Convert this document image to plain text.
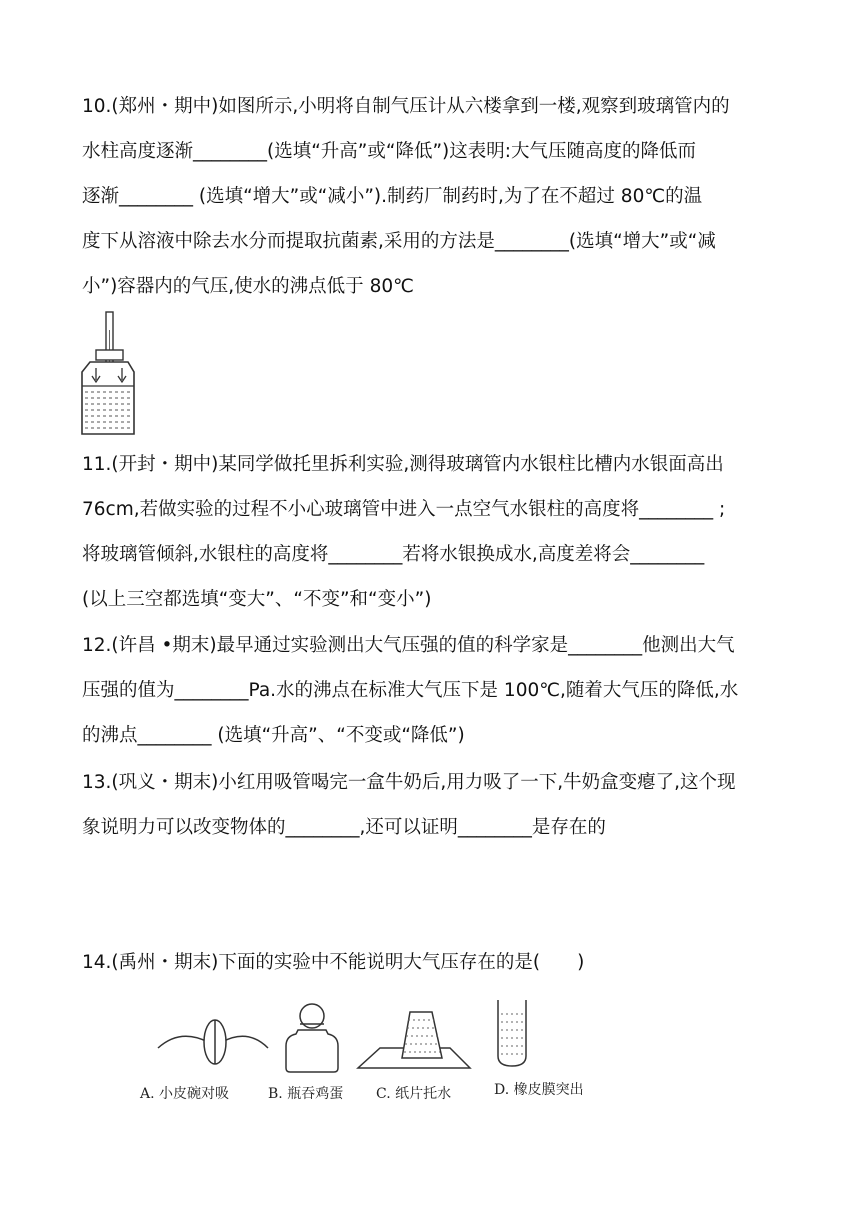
10.(郑州・期中)如图所示,小明将自制气压计从六楼拿到一楼,观察到玻璃管内的

水柱高度逐渐________(选填“升高”或“降低”)这表明:大气压随高度的降低而

逐渐________ (选填“增大”或“减小”).制药厂制药时,为了在不超过 80℃的温

度下从溶液中除去水分而提取抗菌素,采用的方法是________(选填“增大”或“减

小”)容器内的气压,使水的沸点低于 80℃

11.(开封・期中)某同学做托里拆利实验,测得玻璃管内水银柱比槽内水银面高出

76cm,若做实验的过程不小心玻璃管中进入一点空气水银柱的高度将________ ;

将玻璃管倾斜,水银柱的高度将________若将水银换成水,高度差将会________

(以上三空都选填“变大”、“不变”和“变小”)

12.(许昌 •期末)最早通过实验测出大气压强的值的科学家是________他测出大气

压强的值为________Pa.水的沸点在标准大气压下是 100℃,随着大气压的降低,水

的沸点________ (选填“升高”、“不变或“降低”)

13.(巩义・期末)小红用吸管喝完一盒牛奶后,用力吸了一下,牛奶盒变瘪了,这个现

象说明力可以改变物体的________,还可以证明________是存在的

14.(禹州・期末)下面的实验中不能说明大气压存在的是(　　)

A. 小皮碗对吸	B. 瓶吞鸡蛋 C. 纸片托水	D. 橡皮膜突出
